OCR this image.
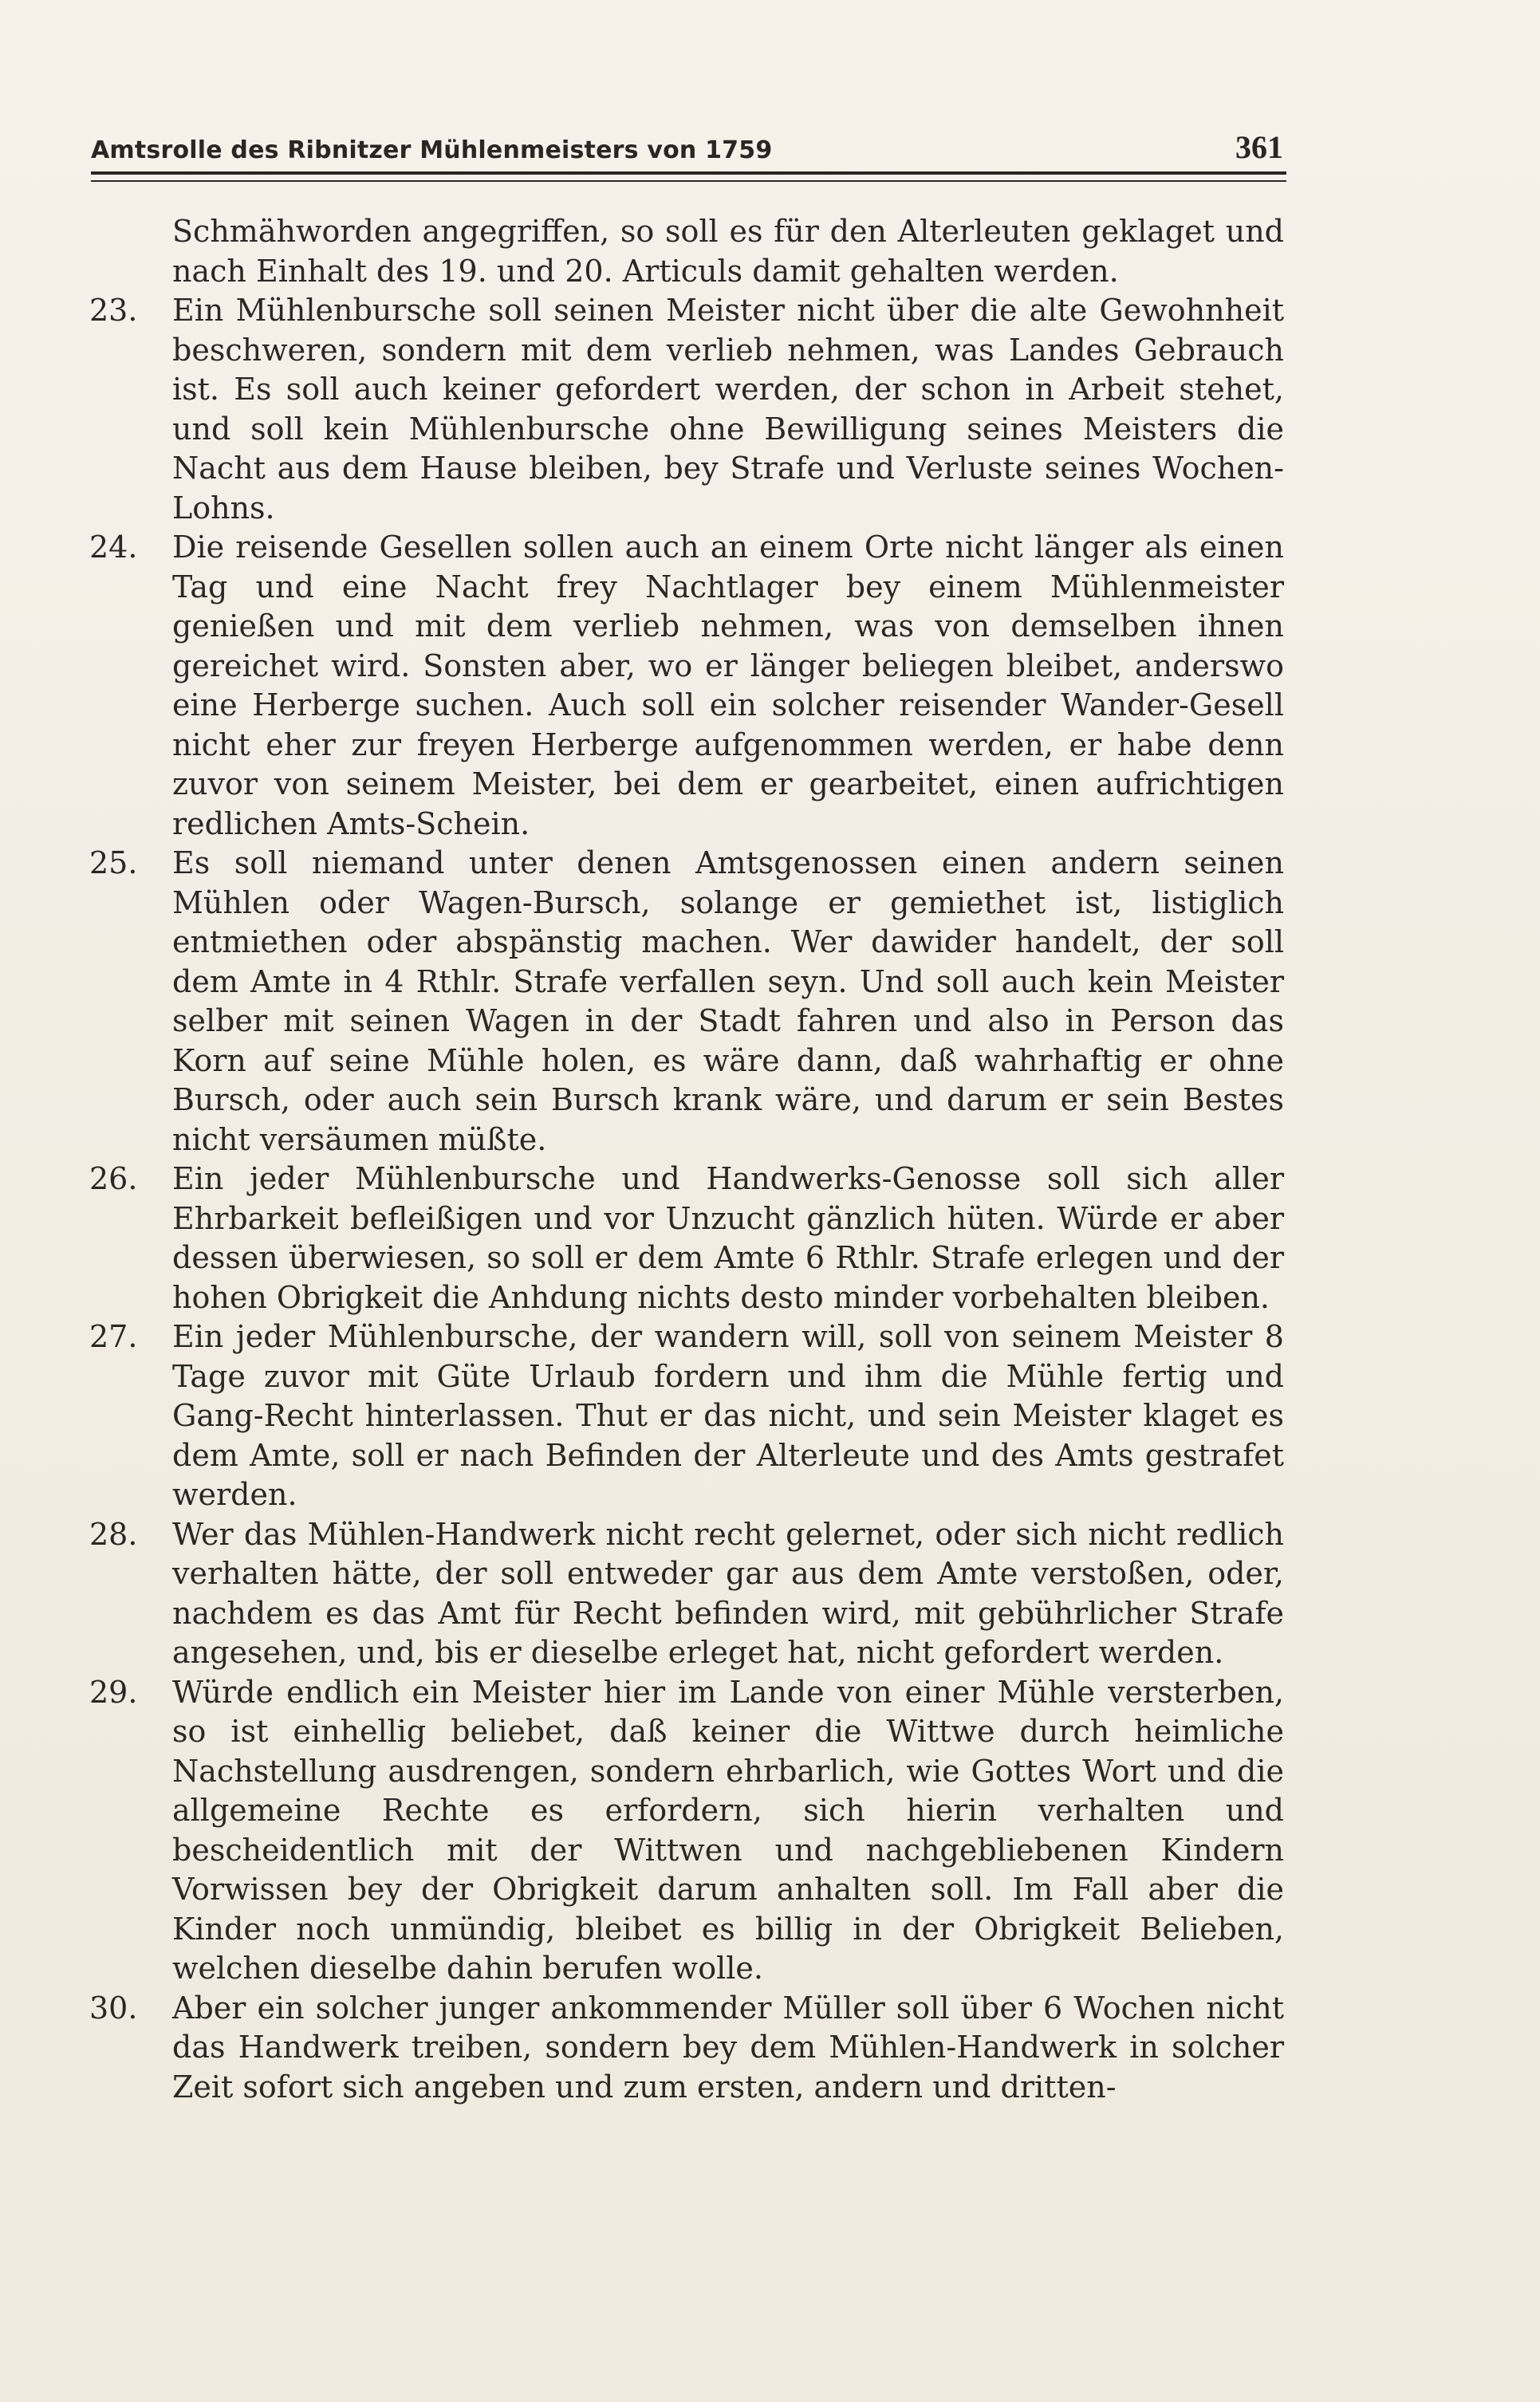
Amtsrolle des Ribnitzer Mühlenmeisters von 1759	361
Schmähworden angegriffen, so soll es für den Alterleuten geklaget und nach Einhalt des 19. und 20. Articuls damit gehalten werden.
23.	Ein Mühlenbursche soll seinen Meister nicht über die alte Gewohnheit beschweren, sondern mit dem verlieb nehmen, was Landes Gebrauch ist. Es soll auch keiner gefordert werden, der schon in Arbeit stehet, und soll kein Mühlenbursche ohne Bewilligung seines Meisters die Nacht aus dem Hause bleiben, bey Strafe und Verluste seines Wochen-Lohns.
24.	Die reisende Gesellen sollen auch an einem Orte nicht länger als einen Tag und eine Nacht frey Nachtlager bey einem Mühlenmeister genießen und mit dem verlieb nehmen, was von demselben ihnen gereichet wird. Sonsten aber, wo er länger beliegen bleibet, anderswo eine Herberge suchen. Auch soll ein solcher reisender Wander-Gesell nicht eher zur freyen Herberge aufgenommen werden, er habe denn zuvor von seinem Meister, bei dem er gearbeitet, einen aufrichtigen redlichen Amts-Schein.
25.	Es soll niemand unter denen Amtsgenossen einen andern seinen Mühlen oder Wagen-Bursch, solange er gemiethet ist, listiglich entmiethen oder abspänstig machen. Wer dawider handelt, der soll dem Amte in 4 Rthlr. Strafe verfallen seyn. Und soll auch kein Meister selber mit seinen Wagen in der Stadt fahren und also in Person das Korn auf seine Mühle holen, es wäre dann, daß wahrhaftig er ohne Bursch, oder auch sein Bursch krank wäre, und darum er sein Bestes nicht versäumen müßte.
26.	Ein jeder Mühlenbursche und Handwerks-Genosse soll sich aller Ehrbarkeit befleißigen und vor Unzucht gänzlich hüten. Würde er aber dessen überwiesen, so soll er dem Amte 6 Rthlr. Strafe erlegen und der hohen Obrigkeit die Anhdung nichts desto minder vorbehalten bleiben.
27.	Ein jeder Mühlenbursche, der wandern will, soll von seinem Meister 8 Tage zuvor mit Güte Urlaub fordern und ihm die Mühle fertig und Gang-Recht hinterlassen. Thut er das nicht, und sein Meister klaget es dem Amte, soll er nach Befinden der Alterleute und des Amts gestrafet werden.
28.	Wer das Mühlen-Handwerk nicht recht gelernet, oder sich nicht redlich verhalten hätte, der soll entweder gar aus dem Amte verstoßen, oder, nachdem es das Amt für Recht befinden wird, mit gebührlicher Strafe angesehen, und, bis er dieselbe erleget hat, nicht gefordert werden.
29.	Würde endlich ein Meister hier im Lande von einer Mühle versterben, so ist einhellig beliebet, daß keiner die Wittwe durch heimliche Nachstellung ausdrengen, sondern ehrbarlich, wie Gottes Wort und die allgemeine Rechte es erfordern, sich hierin verhalten und bescheidentlich mit der Wittwen und nachgebliebenen Kindern Vorwissen bey der Obrigkeit darum anhalten soll. Im Fall aber die Kinder noch unmündig, bleibet es billig in der Obrigkeit Belieben, welchen dieselbe dahin berufen wolle.
30.	Aber ein solcher junger ankommender Müller soll über 6 Wochen nicht das Handwerk treiben, sondern bey dem Mühlen-Handwerk in solcher Zeit sofort sich angeben und zum ersten, andern und dritten-
